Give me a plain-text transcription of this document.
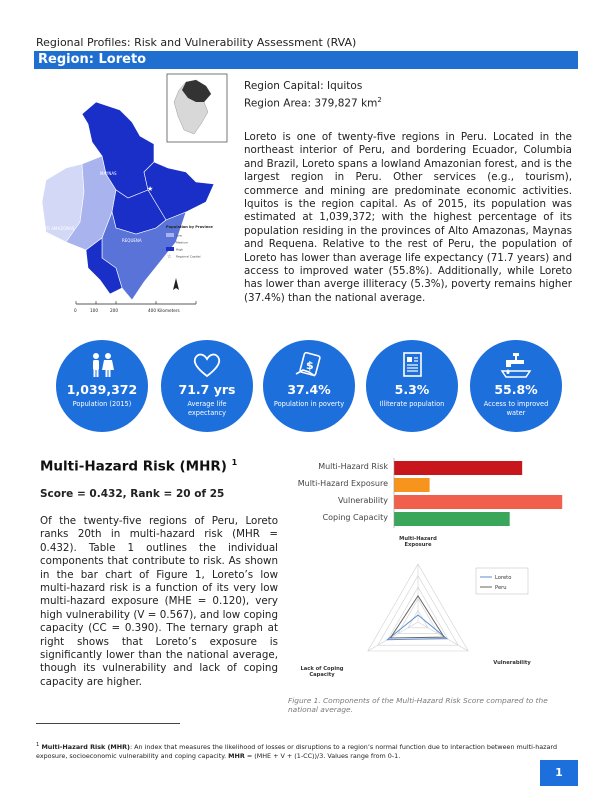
Regional Profiles: Risk and Vulnerability Assessment (RVA)
Region: Loreto
MAYNAS
ALTO AMAZONAS
REQUENA
★
Population by Province
Low
Medium
High
☆ Regional Capital
0	100	200	400 Kilometers
Region Capital: Iquitos
Region Area: 379,827 $km^2$
Loreto is one of twenty-five regions in Peru. Located in the northeast interior of Peru, and bordering Ecuador, Columbia and Brazil, Loreto spans a lowland Amazonian forest, and is the largest region in Peru. Other services (e.g., tourism), commerce and mining are predominate economic activities. Iquitos is the region capital. As of 2015, its population was estimated at 1,039,372; with the highest percentage of its population residing in the provinces of Alto Amazonas, Maynas and Requena. Relative to the rest of Peru, the population of Loreto has lower than average life expectancy (71.7 years) and access to improved water (55.8%). Additionally, while Loreto has lower than averge illiteracy (5.3%), poverty remains higher (37.4%) than the national average.
1,039,372
Population (2015)
71.7 yrs
Average life expectancy
$
37.4%
Population in poverty
5.3%
Illiterate population
55.8%
Access to improved water
Multi-Hazard Risk (MHR) $^1$
Score = 0.432, Rank = 20 of 25
Of the twenty-five regions of Peru, Loreto ranks 20th in multi-hazard risk (MHR = 0.432). Table 1 outlines the individual components that contribute to risk. As shown in the bar chart of Figure 1, Loreto’s low multi-hazard risk is a function of its very low multi-hazard exposure (MHE = 0.120), very high vulnerability (V = 0.567), and low coping capacity (CC = 0.390). The ternary graph at right shows that Loreto’s exposure is significantly lower than the national average, though its vulnerability and lack of coping capacity are higher.
Multi-Hazard Risk
Multi-Hazard Exposure
Vulnerability
Coping Capacity
Multi-Hazard Exposure
Vulnerability
Lack of Coping Capacity
Loreto
Peru
Figure 1. Components of the Multi-Hazard Risk Score compared to the national average.
$^1$ Multi-Hazard Risk (MHR): An index that measures the likelihood of losses or disruptions to a region’s normal function due to interaction between multi-hazard exposure, socioeconomic vulnerability and coping capacity. MHR = (MHE + V + (1-CC))/3. Values range from 0-1.
1
